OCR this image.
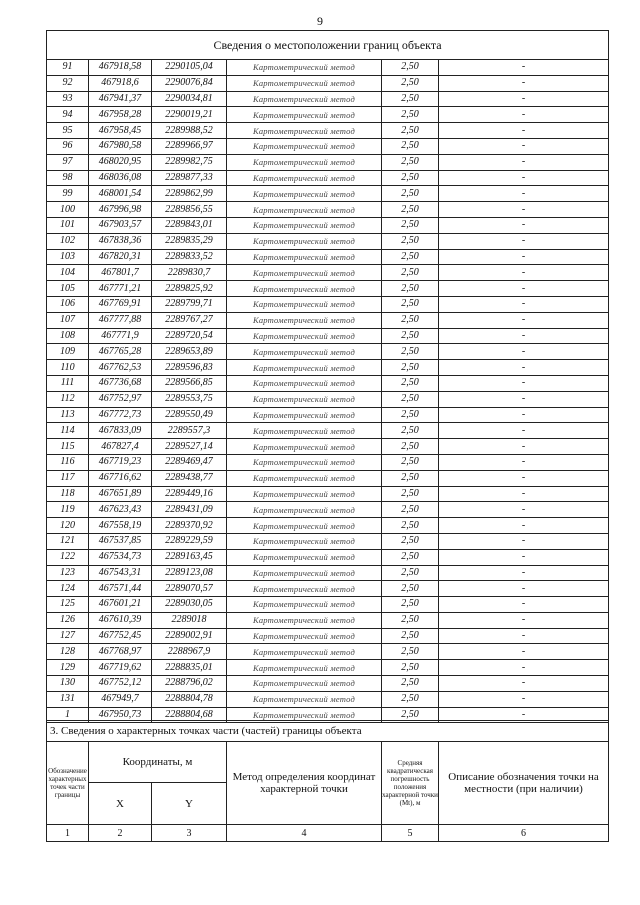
9
Сведения о местоположении границ объекта					
91	467918,58	2290105,04	Картометрический метод	2,50	-
92	467918,6	2290076,84	Картометрический метод	2,50	-
93	467941,37	2290034,81	Картометрический метод	2,50	-
94	467958,28	2290019,21	Картометрический метод	2,50	-
95	467958,45	2289988,52	Картометрический метод	2,50	-
96	467980,58	2289966,97	Картометрический метод	2,50	-
97	468020,95	2289982,75	Картометрический метод	2,50	-
98	468036,08	2289877,33	Картометрический метод	2,50	-
99	468001,54	2289862,99	Картометрический метод	2,50	-
100	467996,98	2289856,55	Картометрический метод	2,50	-
101	467903,57	2289843,01	Картометрический метод	2,50	-
102	467838,36	2289835,29	Картометрический метод	2,50	-
103	467820,31	2289833,52	Картометрический метод	2,50	-
104	467801,7	2289830,7	Картометрический метод	2,50	-
105	467771,21	2289825,92	Картометрический метод	2,50	-
106	467769,91	2289799,71	Картометрический метод	2,50	-
107	467777,88	2289767,27	Картометрический метод	2,50	-
108	467771,9	2289720,54	Картометрический метод	2,50	-
109	467765,28	2289653,89	Картометрический метод	2,50	-
110	467762,53	2289596,83	Картометрический метод	2,50	-
111	467736,68	2289566,85	Картометрический метод	2,50	-
112	467752,97	2289553,75	Картометрический метод	2,50	-
113	467772,73	2289550,49	Картометрический метод	2,50	-
114	467833,09	2289557,3	Картометрический метод	2,50	-
115	467827,4	2289527,14	Картометрический метод	2,50	-
116	467719,23	2289469,47	Картометрический метод	2,50	-
117	467716,62	2289438,77	Картометрический метод	2,50	-
118	467651,89	2289449,16	Картометрический метод	2,50	-
119	467623,43	2289431,09	Картометрический метод	2,50	-
120	467558,19	2289370,92	Картометрический метод	2,50	-
121	467537,85	2289229,59	Картометрический метод	2,50	-
122	467534,73	2289163,45	Картометрический метод	2,50	-
123	467543,31	2289123,08	Картометрический метод	2,50	-
124	467571,44	2289070,57	Картометрический метод	2,50	-
125	467601,21	2289030,05	Картометрический метод	2,50	-
126	467610,39	2289018	Картометрический метод	2,50	-
127	467752,45	2289002,91	Картометрический метод	2,50	-
128	467768,97	2288967,9	Картометрический метод	2,50	-
129	467719,62	2288835,01	Картометрический метод	2,50	-
130	467752,12	2288796,02	Картометрический метод	2,50	-
131	467949,7	2288804,78	Картометрический метод	2,50	-
1	467950,73	2288804,68	Картометрический метод	2,50	-
3. Сведения о характерных точках части (частей) границы объекта					
Обозначение характерных точек части границы	Координаты, м		Метод определения координат характерной точки	Средняя квадратическая погрешность положения характерной точки (Mt), м	Описание обозначения точки на местности (при наличии)
	X	Y			
1	2	3	4	5	6
